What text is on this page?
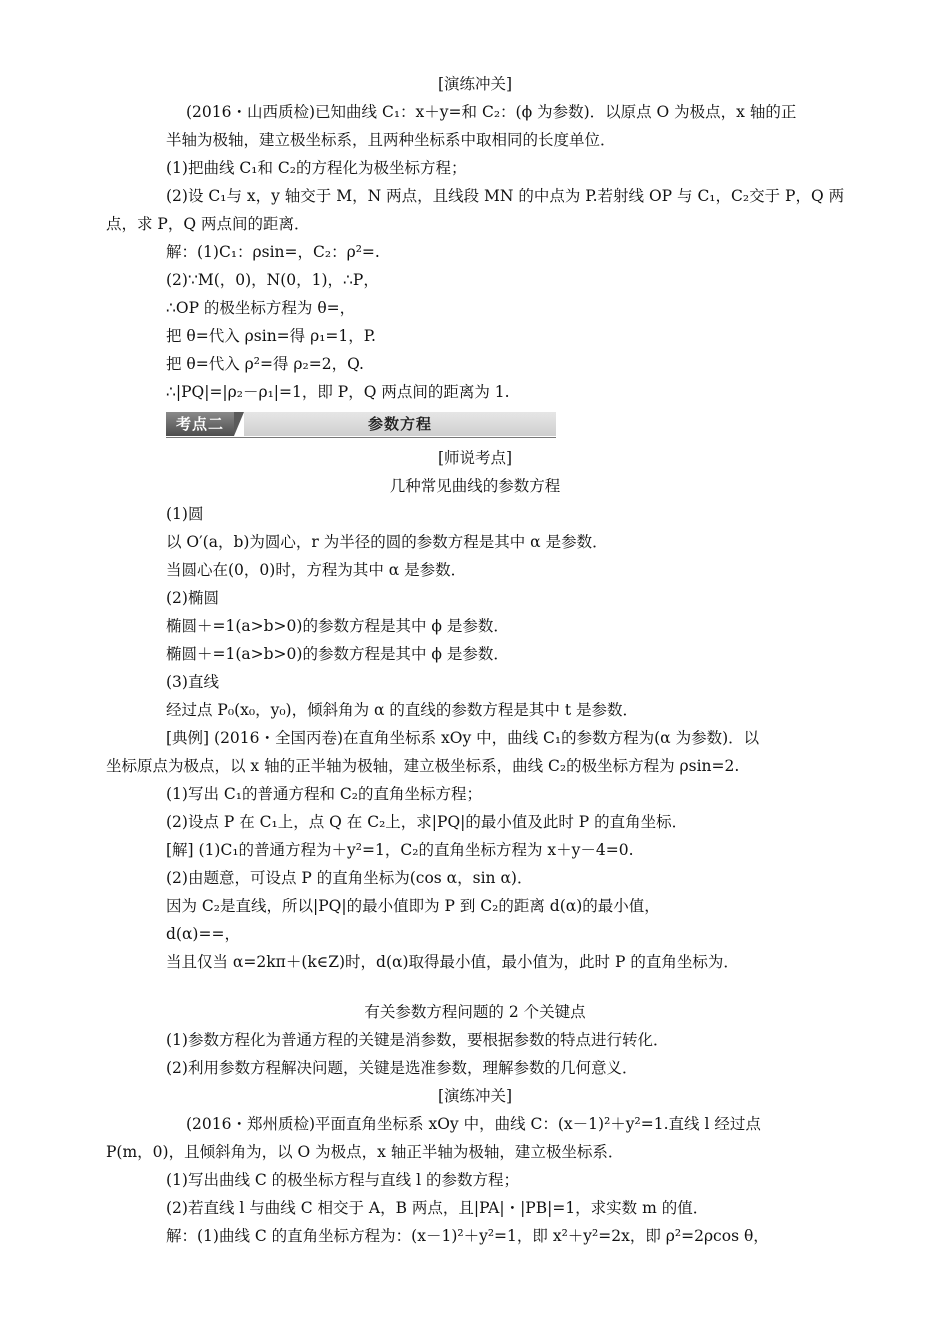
[演练冲关]
(2016・山西质检)已知曲线 C₁：x＋y=和 C₂：(ϕ 为参数)．以原点 O 为极点，x 轴的正
半轴为极轴，建立极坐标系，且两种坐标系中取相同的长度单位．
(1)把曲线 C₁和 C₂的方程化为极坐标方程；
(2)设 C₁与 x，y 轴交于 M，N 两点，且线段 MN 的中点为 P.若射线 OP 与 C₁，C₂交于 P，Q 两
点，求 P，Q 两点间的距离．
解：(1)C₁：ρsin=，C₂：ρ²=.
(2)∵M(，0)，N(0，1)，∴P，
∴OP 的极坐标方程为 θ=，
把 θ=代入 ρsin=得 ρ₁=1，P.
把 θ=代入 ρ²=得 ρ₂=2，Q.
∴|PQ|=|ρ₂－ρ₁|=1，即 P，Q 两点间的距离为 1.
考点二	参数方程
[师说考点]
几种常见曲线的参数方程
(1)圆
以 O′(a，b)为圆心，r 为半径的圆的参数方程是其中 α 是参数．
当圆心在(0，0)时，方程为其中 α 是参数．
(2)椭圆
椭圆＋=1(a>b>0)的参数方程是其中 ϕ 是参数．
椭圆＋=1(a>b>0)的参数方程是其中 ϕ 是参数．
(3)直线
经过点 P₀(x₀，y₀)，倾斜角为 α 的直线的参数方程是其中 t 是参数．
[典例] (2016・全国丙卷)在直角坐标系 xOy 中，曲线 C₁的参数方程为(α 为参数)．以
坐标原点为极点，以 x 轴的正半轴为极轴，建立极坐标系，曲线 C₂的极坐标方程为 ρsin=2.
(1)写出 C₁的普通方程和 C₂的直角坐标方程；
(2)设点 P 在 C₁上，点 Q 在 C₂上，求|PQ|的最小值及此时 P 的直角坐标．
[解] (1)C₁的普通方程为＋y²=1，C₂的直角坐标方程为 x＋y－4=0.
(2)由题意，可设点 P 的直角坐标为(cos α，sin α)．
因为 C₂是直线，所以|PQ|的最小值即为 P 到 C₂的距离 d(α)的最小值，
d(α)==，
当且仅当 α=2kπ＋(k∈Z)时，d(α)取得最小值，最小值为，此时 P 的直角坐标为．
有关参数方程问题的 2 个关键点
(1)参数方程化为普通方程的关键是消参数，要根据参数的特点进行转化．
(2)利用参数方程解决问题，关键是选准参数，理解参数的几何意义．
[演练冲关]
(2016・郑州质检)平面直角坐标系 xOy 中，曲线 C：(x－1)²＋y²=1.直线 l 经过点
P(m，0)，且倾斜角为，以 O 为极点，x 轴正半轴为极轴，建立极坐标系．
(1)写出曲线 C 的极坐标方程与直线 l 的参数方程；
(2)若直线 l 与曲线 C 相交于 A，B 两点，且|PA|・|PB|=1，求实数 m 的值．
解：(1)曲线 C 的直角坐标方程为：(x－1)²＋y²=1，即 x²＋y²=2x，即 ρ²=2ρcos θ，
